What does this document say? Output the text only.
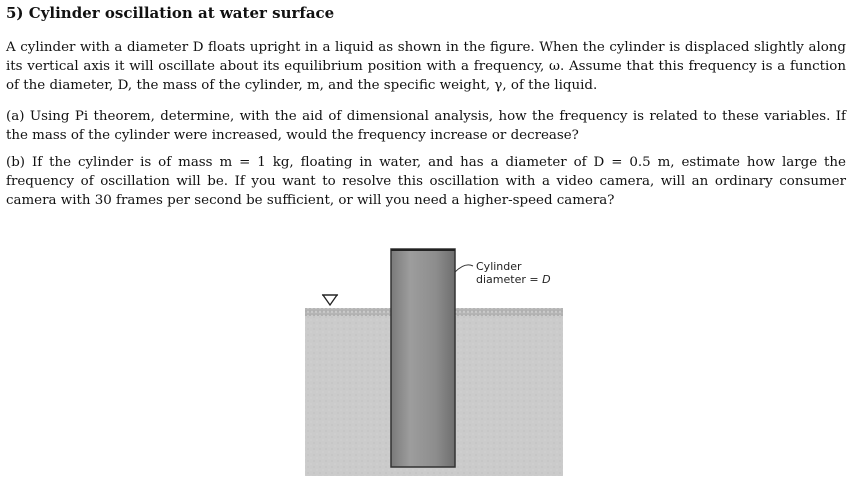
5) Cylinder oscillation at water surface
A cylinder with a diameter D floats upright in a liquid as shown in the figure. When the cylinder is displaced slightly along its vertical axis it will oscillate about its equilibrium position with a frequency, ω. Assume that this frequency is a function of the diameter, D, the mass of the cylinder, m, and the specific weight, γ, of the liquid.
(a) Using Pi theorem, determine, with the aid of dimensional analysis, how the frequency is related to these variables. If the mass of the cylinder were increased, would the frequency increase or decrease?
(b) If the cylinder is of mass m = 1 kg, floating in water, and has a diameter of D = 0.5 m, estimate how large the frequency of oscillation will be. If you want to resolve this oscillation with a video camera, will an ordinary consumer camera with 30 frames per second be sufficient, or will you need a higher-speed camera?
Cylinder
diameter = D
